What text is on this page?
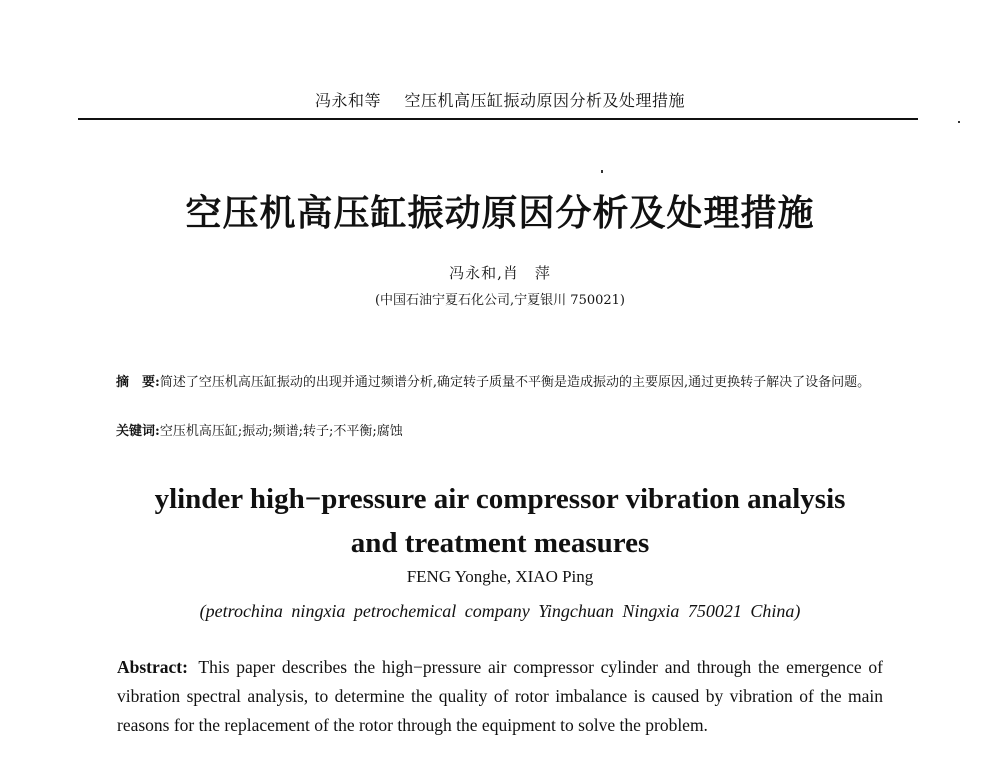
冯永和等 空压机高压缸振动原因分析及处理措施
空压机高压缸振动原因分析及处理措施
冯永和,肖　萍
(中国石油宁夏石化公司,宁夏银川 750021)
摘　要:简述了空压机高压缸振动的出现并通过频谱分析,确定转子质量不平衡是造成振动的主要原因,通过更换转子解决了设备问题。
关键词:空压机高压缸;振动;频谱;转子;不平衡;腐蚀
ylinder high−pressure air compressor vibration analysis
and treatment measures
FENG Yonghe, XIAO Ping
(petrochina ningxia petrochemical company Yingchuan Ningxia 750021 China)
Abstract: This paper describes the high−pressure air compressor cylinder and through the emergence of vibration spectral analysis, to determine the quality of rotor imbalance is caused by vibration of the main reasons for the replacement of the rotor through the equipment to solve the problem.
